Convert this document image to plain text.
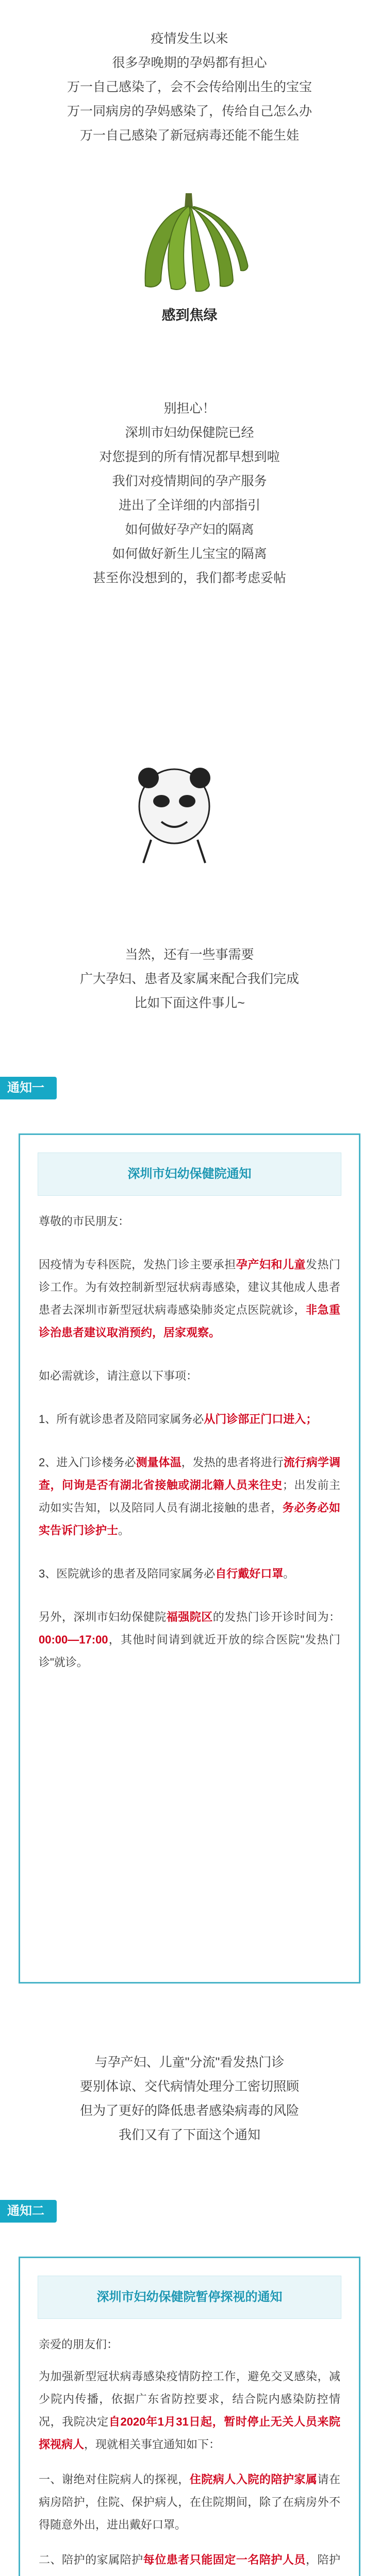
疫情发生以来
很多孕晚期的孕妈都有担心
万一自己感染了，会不会传给刚出生的宝宝
万一同病房的孕妈感染了，传给自己怎么办
万一自己感染了新冠病毒还能不能生娃
感到焦绿
别担心！
深圳市妇幼保健院已经
对您提到的所有情况都早想到啦
我们对疫情期间的孕产服务
进出了全详细的内部指引
如何做好孕产妇的隔离
如何做好新生儿宝宝的隔离
甚至你没想到的，我们都考虑妥帖
当然，还有一些事需要
广大孕妇、患者及家属来配合我们完成
比如下面这件事儿~
通知一
深圳市妇幼保健院通知

尊敬的市民朋友：

因疫情为专科医院，发热门诊主要承担孕产妇和儿童发热门诊工作。为有效控制新型冠状病毒感染，建议其他成人患者患者去深圳市新型冠状病毒感染肺炎定点医院就诊，非急重诊治患者建议取消预约，居家观察。

如必需就诊，请注意以下事项：

1、所有就诊患者及陪同家属务必从门诊部正门口进入；

2、进入门诊楼务必测量体温，发热的患者将进行流行病学调查，问询是否有湖北省接触或湖北籍人员来往史；出发前主动如实告知，以及陪同人员有湖北接触的患者，务必务必如实告诉门诊护士。

3、医院就诊的患者及陪同家属务必自行戴好口罩。

另外，深圳市妇幼保健院福强院区的发热门诊开诊时间为：00:00—17:00，其他时间请到就近开放的综合医院"发热门诊"就诊。

与孕产妇、儿童"分流"看发热门诊
要别体谅、交代病情处理分工密切照顾
但为了更好的降低患者感染病毒的风险
我们又有了下面这个通知
通知二
深圳市妇幼保健院暂停探视的通知

亲爱的朋友们：

为加强新型冠状病毒感染疫情防控工作，避免交叉感染，减少院内传播，依据广东省防控要求，结合院内感染防控情况，我院决定自2020年1月31日起，暂时停止无关人员来院探视病人，现就相关事宜通知如下：

一、谢绝对住院病人的探视，住院病人入院的陪护家属请在病房陪护，住院、保护病人，在住院期间，除了在病房外不得随意外出，进出戴好口罩。

二、陪护的家属陪护每位患者只能固定一名陪护人员，陪护
